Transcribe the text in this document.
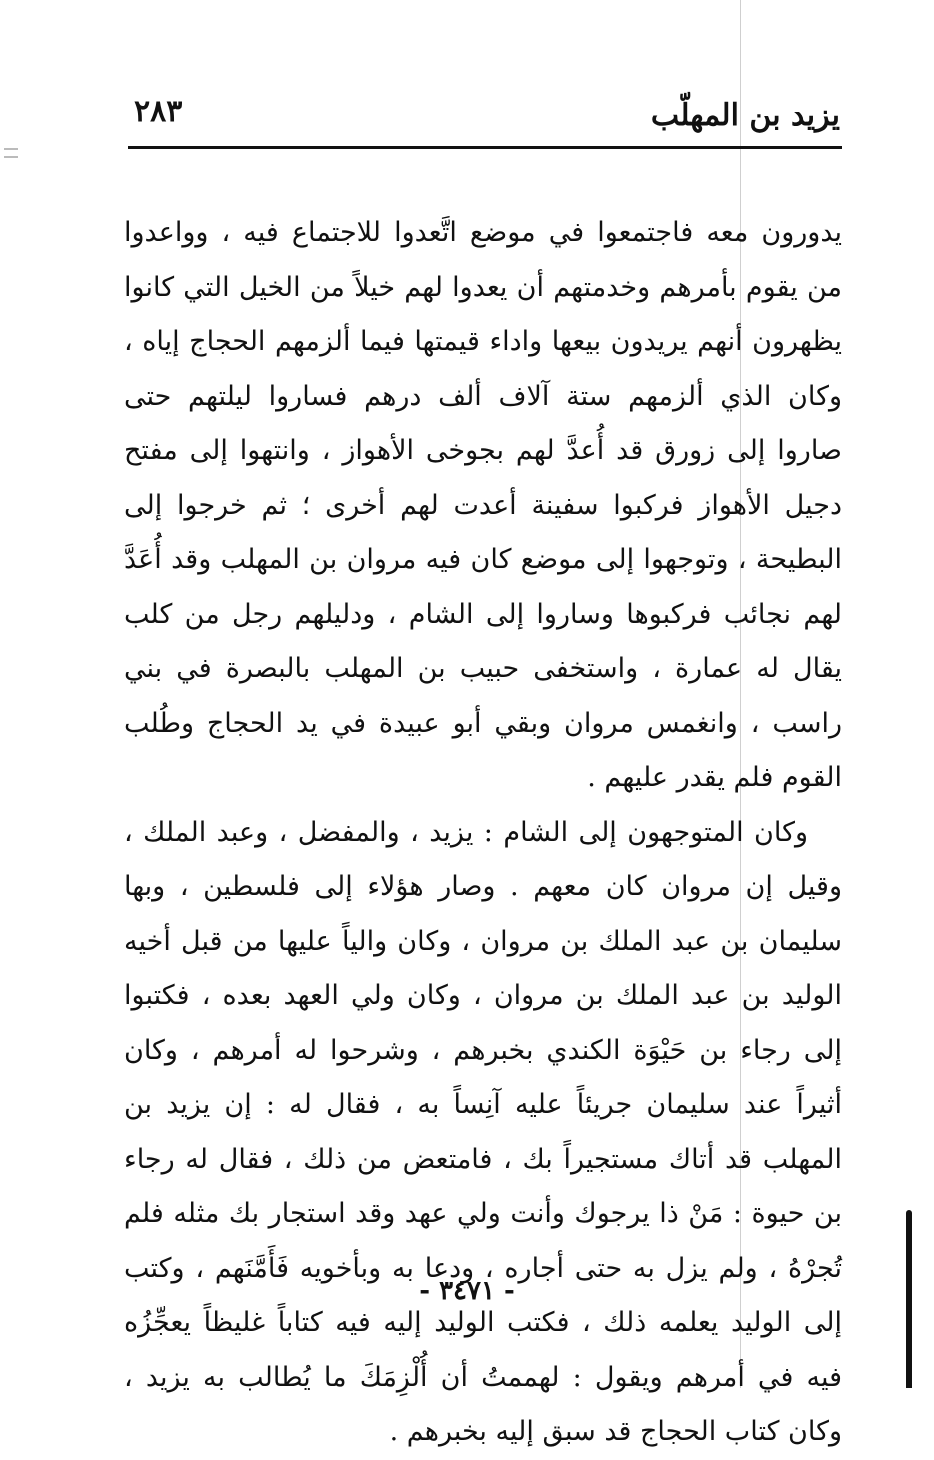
يزيد بن المهلّب
٢٨٣

يدورون معه فاجتمعوا في موضع اتَّعدوا للاجتماع فيه ، وواعدوا من يقوم بأمرهم وخدمتهم أن يعدوا لهم خيلاً من الخيل التي كانوا يظهرون أنهم يريدون بيعها واداء قيمتها فيما ألزمهم الحجاج إياه ، وكان الذي ألزمهم ستة آلاف ألف درهم فساروا ليلتهم حتى صاروا إلى زورق قد أُعدَّ لهم بجوخى الأهواز ، وانتهوا إلى مفتح دجيل الأهواز فركبوا سفينة أعدت لهم أخرى ؛ ثم خرجوا إلى البطيحة ، وتوجهوا إلى موضع كان فيه مروان بن المهلب وقد أُعَدَّ لهم نجائب فركبوها وساروا إلى الشام ، ودليلهم رجل من كلب يقال له عمارة ، واستخفى حبيب بن المهلب بالبصرة في بني راسب ، وانغمس مروان وبقي أبو عبيدة في يد الحجاج وطُلب القوم فلم يقدر عليهم .

وكان المتوجهون إلى الشام : يزيد ، والمفضل ، وعبد الملك ، وقيل إن مروان كان معهم . وصار هؤلاء إلى فلسطين ، وبها سليمان بن عبد الملك بن مروان ، وكان والياً عليها من قبل أخيه الوليد بن عبد الملك بن مروان ، وكان ولي العهد بعده ، فكتبوا إلى رجاء بن حَيْوَة الكندي بخبرهم ، وشرحوا له أمرهم ، وكان أثيراً عند سليمان جريئاً عليه آنِساً به ، فقال له : إن يزيد بن المهلب قد أتاك مستجيراً بك ، فامتعض من ذلك ، فقال له رجاء بن حيوة : مَنْ ذا يرجوك وأنت ولي عهد وقد استجار بك مثله فلم تُجرْهُ ، ولم يزل به حتى أجاره ، ودعا به وبأخويه فَأَمَّنَهم ، وكتب إلى الوليد يعلمه ذلك ، فكتب الوليد إليه فيه كتاباً غليظاً يعجِّزُه فيه في أمرهم ويقول : لهممتُ أن أُلْزِمَكَ ما يُطالب به يزيد ، وكان كتاب الحجاج قد سبق إليه بخبرهم .

- ٣٤٧١ -
